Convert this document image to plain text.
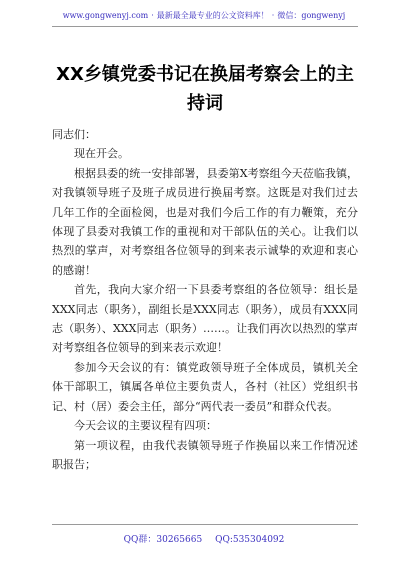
www.gongwenyj.com · 最新最全最专业的公文资料库！ · 微信：gongwenyj
XX乡镇党委书记在换届考察会上的主持词

同志们：

现在开会。

根据县委的统一安排部署，县委第X考察组今天莅临我镇，对我镇领导班子及班子成员进行换届考察。这既是对我们过去几年工作的全面检阅，也是对我们今后工作的有力鞭策，充分体现了县委对我镇工作的重视和对干部队伍的关心。让我们以热烈的掌声，对考察组各位领导的到来表示诚挚的欢迎和衷心的感谢！

首先，我向大家介绍一下县委考察组的各位领导：组长是XXX同志（职务），副组长是XXX同志（职务），成员有XXX同志（职务）、XXX同志（职务）……。让我们再次以热烈的掌声对考察组各位领导的到来表示欢迎！

参加今天会议的有：镇党政领导班子全体成员，镇机关全体干部职工，镇属各单位主要负责人，各村（社区）党组织书记、村（居）委会主任，部分“两代表一委员”和群众代表。

今天会议的主要议程有四项：

第一项议程，由我代表镇领导班子作换届以来工作情况述职报告；

QQ群：30265665 QQ:535304092
